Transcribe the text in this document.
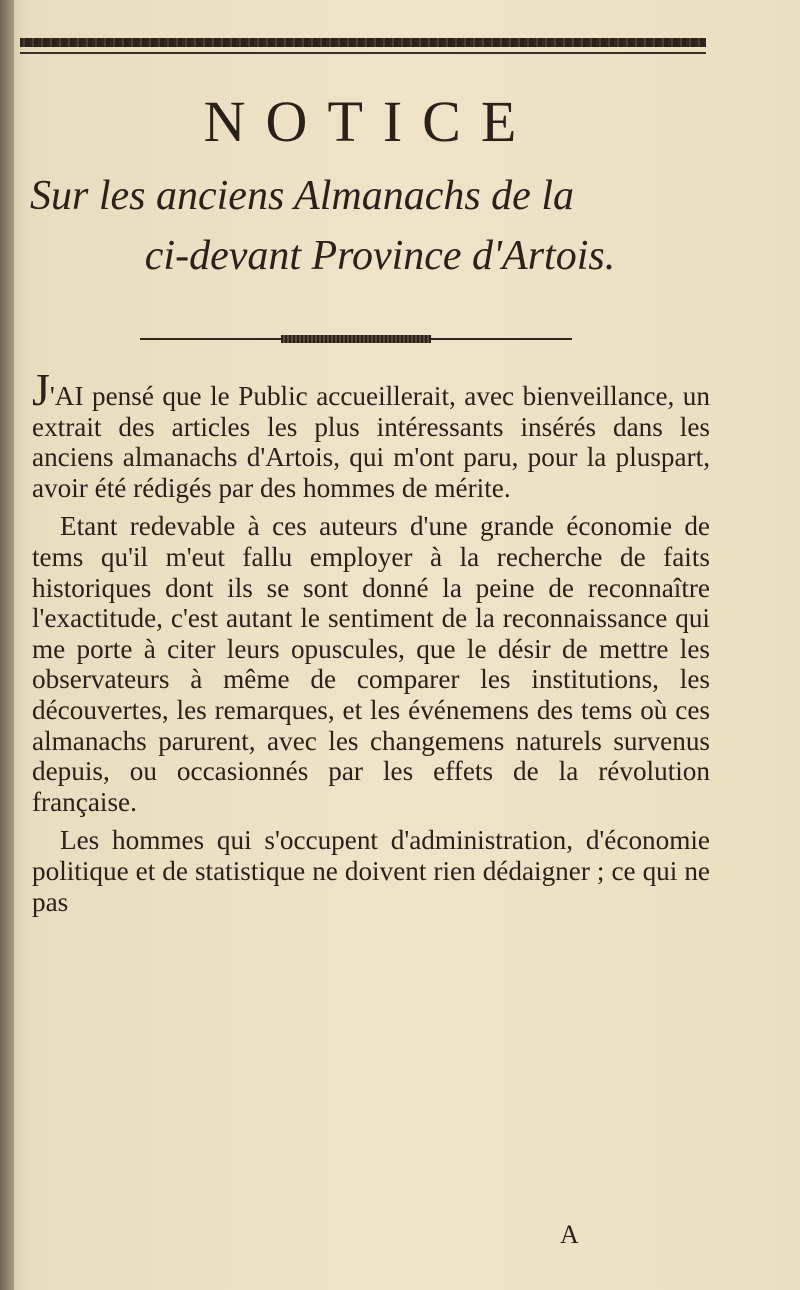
NOTICE
Sur les anciens Almanachs de la
ci-devant Province d'Artois.

J'AI pensé que le Public accueillerait, avec bienveillance, un extrait des articles les plus intéressants insérés dans les anciens almanachs d'Artois, qui m'ont paru, pour la pluspart, avoir été rédigés par des hommes de mérite.

Etant redevable à ces auteurs d'une grande économie de tems qu'il m'eut fallu employer à la recherche de faits historiques dont ils se sont donné la peine de reconnaître l'exactitude, c'est autant le sentiment de la reconnaissance qui me porte à citer leurs opuscules, que le désir de mettre les observateurs à même de comparer les institutions, les découvertes, les remarques, et les événemens des tems où ces almanachs parurent, avec les changemens naturels survenus depuis, ou occasionnés par les effets de la révolution française.

Les hommes qui s'occupent d'administration, d'économie politique et de statistique ne doivent rien dédaigner ; ce qui ne pas

A
